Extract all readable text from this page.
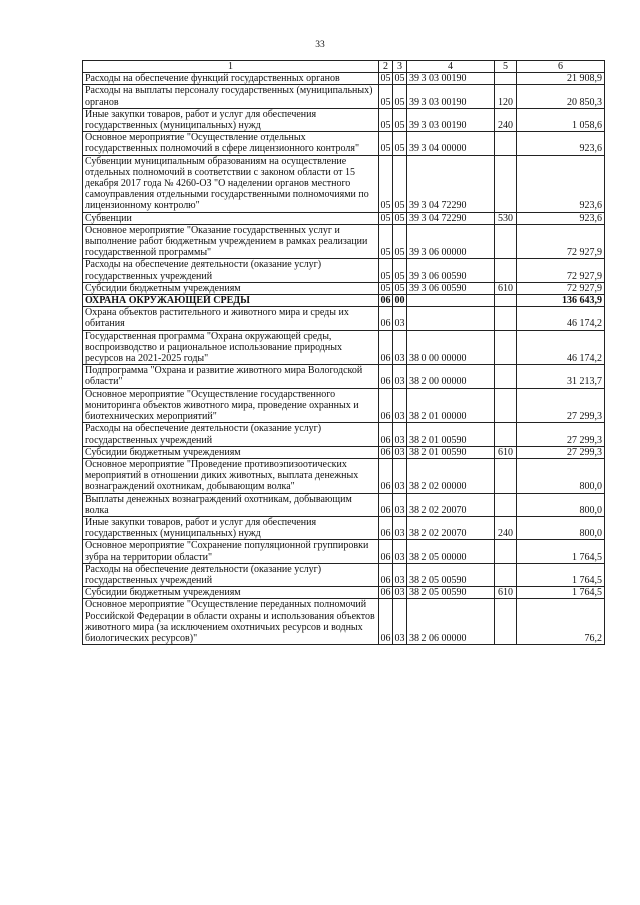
33
1	2	3	4	5	6
Расходы на обеспечение функций государственных органов	05	05	39 3 03 00190		21 908,9
Расходы на выплаты персоналу государственных (муниципальных) органов	05	05	39 3 03 00190	120	20 850,3
Иные закупки товаров, работ и услуг для обеспечения государственных (муниципальных) нужд	05	05	39 3 03 00190	240	1 058,6
Основное мероприятие "Осуществление отдельных государственных полномочий в сфере лицензионного контроля"	05	05	39 3 04 00000		923,6
Субвенции муниципальным образованиям на осуществление отдельных полномочий в соответствии с законом области от 15 декабря 2017 года № 4260-ОЗ "О наделении органов местного самоуправления отдельными государственными полномочиями по лицензионному контролю"	05	05	39 3 04 72290		923,6
Субвенции	05	05	39 3 04 72290	530	923,6
Основное мероприятие "Оказание государственных услуг и выполнение работ бюджетным учреждением в рамках реализации государственной программы"	05	05	39 3 06 00000		72 927,9
Расходы на обеспечение деятельности (оказание услуг) государственных учреждений	05	05	39 3 06 00590		72 927,9
Субсидии бюджетным учреждениям	05	05	39 3 06 00590	610	72 927,9
ОХРАНА ОКРУЖАЮЩЕЙ СРЕДЫ	06	00			136 643,9
Охрана объектов растительного и животного мира и среды их обитания	06	03			46 174,2
Государственная программа "Охрана окружающей среды, воспроизводство и рациональное использование природных ресурсов на 2021-2025 годы"	06	03	38 0 00 00000		46 174,2
Подпрограмма "Охрана и развитие животного мира Вологодской области"	06	03	38 2 00 00000		31 213,7
Основное мероприятие "Осуществление государственного мониторинга объектов животного мира, проведение охранных и биотехнических мероприятий"	06	03	38 2 01 00000		27 299,3
Расходы на обеспечение деятельности (оказание услуг) государственных учреждений	06	03	38 2 01 00590		27 299,3
Субсидии бюджетным учреждениям	06	03	38 2 01 00590	610	27 299,3
Основное мероприятие "Проведение противоэпизоотических мероприятий в отношении диких животных, выплата денежных вознаграждений охотникам, добывающим волка"	06	03	38 2 02 00000		800,0
Выплаты денежных вознаграждений охотникам, добывающим волка	06	03	38 2 02 20070		800,0
Иные закупки товаров, работ и услуг для обеспечения государственных (муниципальных) нужд	06	03	38 2 02 20070	240	800,0
Основное мероприятие "Сохранение популяционной группировки зубра на территории области"	06	03	38 2 05 00000		1 764,5
Расходы на обеспечение деятельности (оказание услуг) государственных учреждений	06	03	38 2 05 00590		1 764,5
Субсидии бюджетным учреждениям	06	03	38 2 05 00590	610	1 764,5
Основное мероприятие "Осуществление переданных полномочий Российской Федерации в области охраны и использования объектов животного мира (за исключением охотничьих ресурсов и водных биологических ресурсов)"	06	03	38 2 06 00000		76,2
